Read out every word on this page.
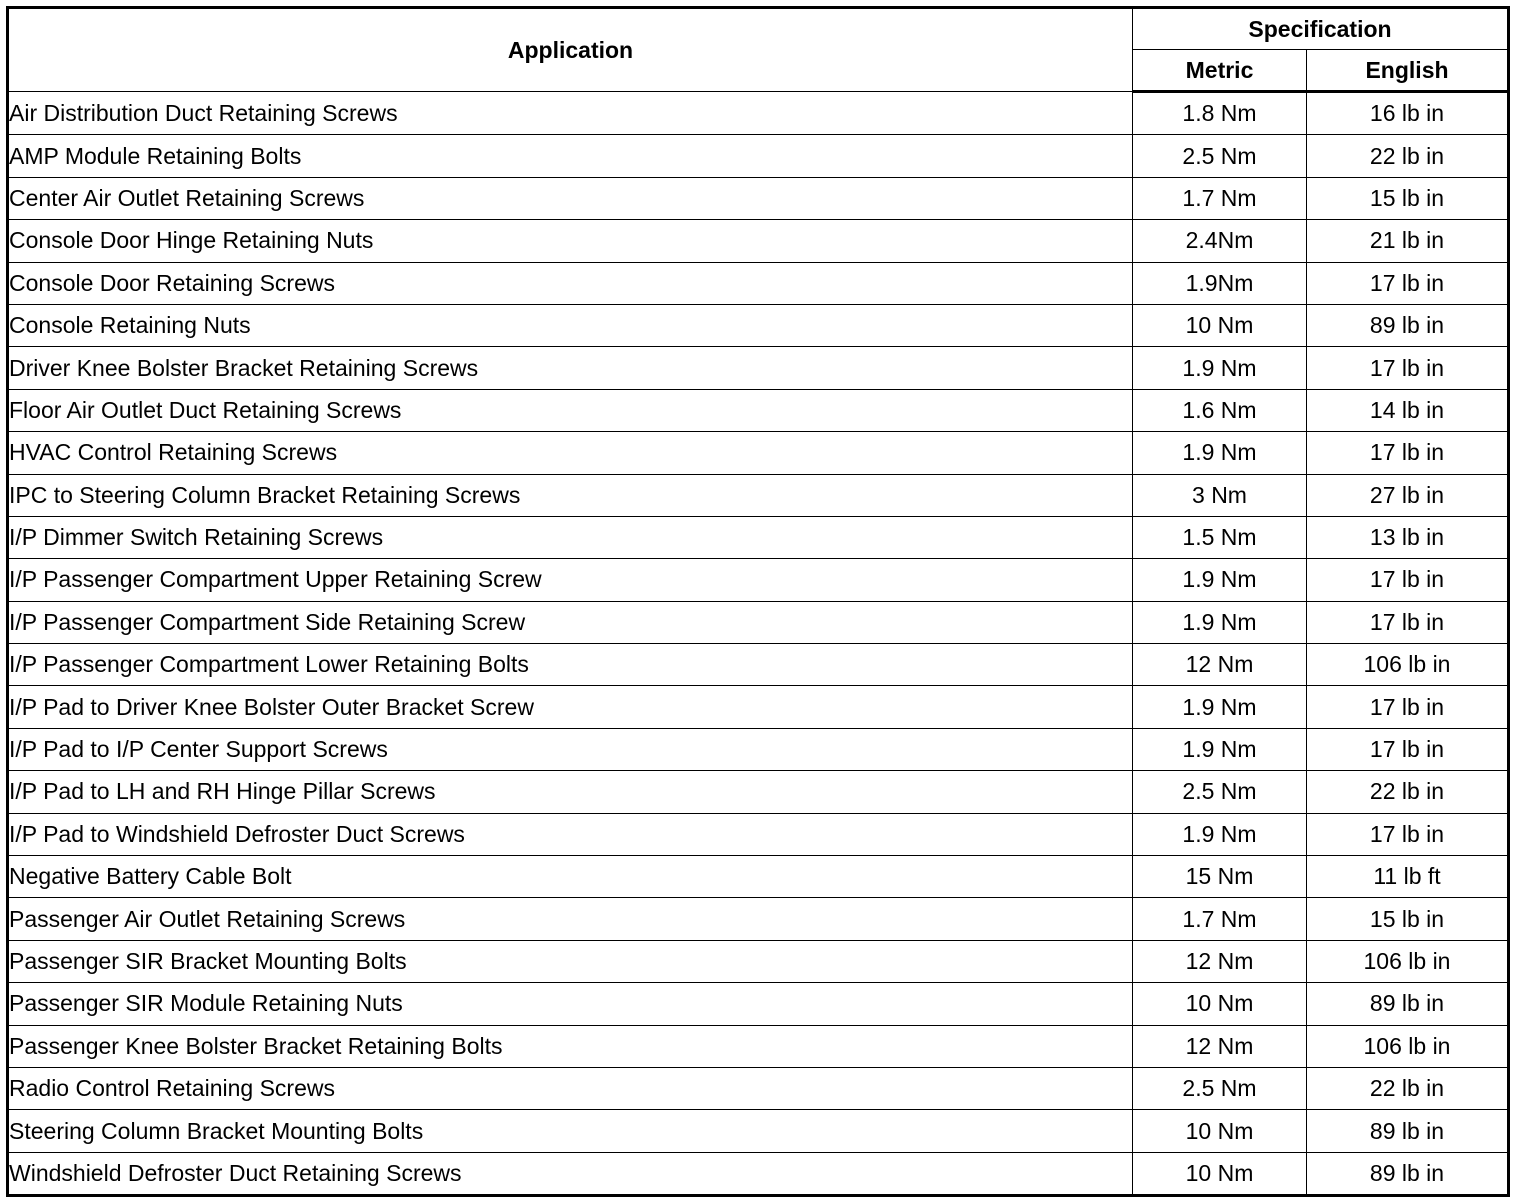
Application	Specification	
	Metric	English
Air Distribution Duct Retaining Screws	1.8 Nm	16 lb in
AMP Module Retaining Bolts	2.5 Nm	22 lb in
Center Air Outlet Retaining Screws	1.7 Nm	15 lb in
Console Door Hinge Retaining Nuts	2.4Nm	21 lb in
Console Door Retaining Screws	1.9Nm	17 lb in
Console Retaining Nuts	10 Nm	89 lb in
Driver Knee Bolster Bracket Retaining Screws	1.9 Nm	17 lb in
Floor Air Outlet Duct Retaining Screws	1.6 Nm	14 lb in
HVAC Control Retaining Screws	1.9 Nm	17 lb in
IPC to Steering Column Bracket Retaining Screws	3 Nm	27 lb in
I/P Dimmer Switch Retaining Screws	1.5 Nm	13 lb in
I/P Passenger Compartment Upper Retaining Screw	1.9 Nm	17 lb in
I/P Passenger Compartment Side Retaining Screw	1.9 Nm	17 lb in
I/P Passenger Compartment Lower Retaining Bolts	12 Nm	106 lb in
I/P Pad to Driver Knee Bolster Outer Bracket Screw	1.9 Nm	17 lb in
I/P Pad to I/P Center Support Screws	1.9 Nm	17 lb in
I/P Pad to LH and RH Hinge Pillar Screws	2.5 Nm	22 lb in
I/P Pad to Windshield Defroster Duct Screws	1.9 Nm	17 lb in
Negative Battery Cable Bolt	15 Nm	11 lb ft
Passenger Air Outlet Retaining Screws	1.7 Nm	15 lb in
Passenger SIR Bracket Mounting Bolts	12 Nm	106 lb in
Passenger SIR Module Retaining Nuts	10 Nm	89 lb in
Passenger Knee Bolster Bracket Retaining Bolts	12 Nm	106 lb in
Radio Control Retaining Screws	2.5 Nm	22 lb in
Steering Column Bracket Mounting Bolts	10 Nm	89 lb in
Windshield Defroster Duct Retaining Screws	10 Nm	89 lb in
